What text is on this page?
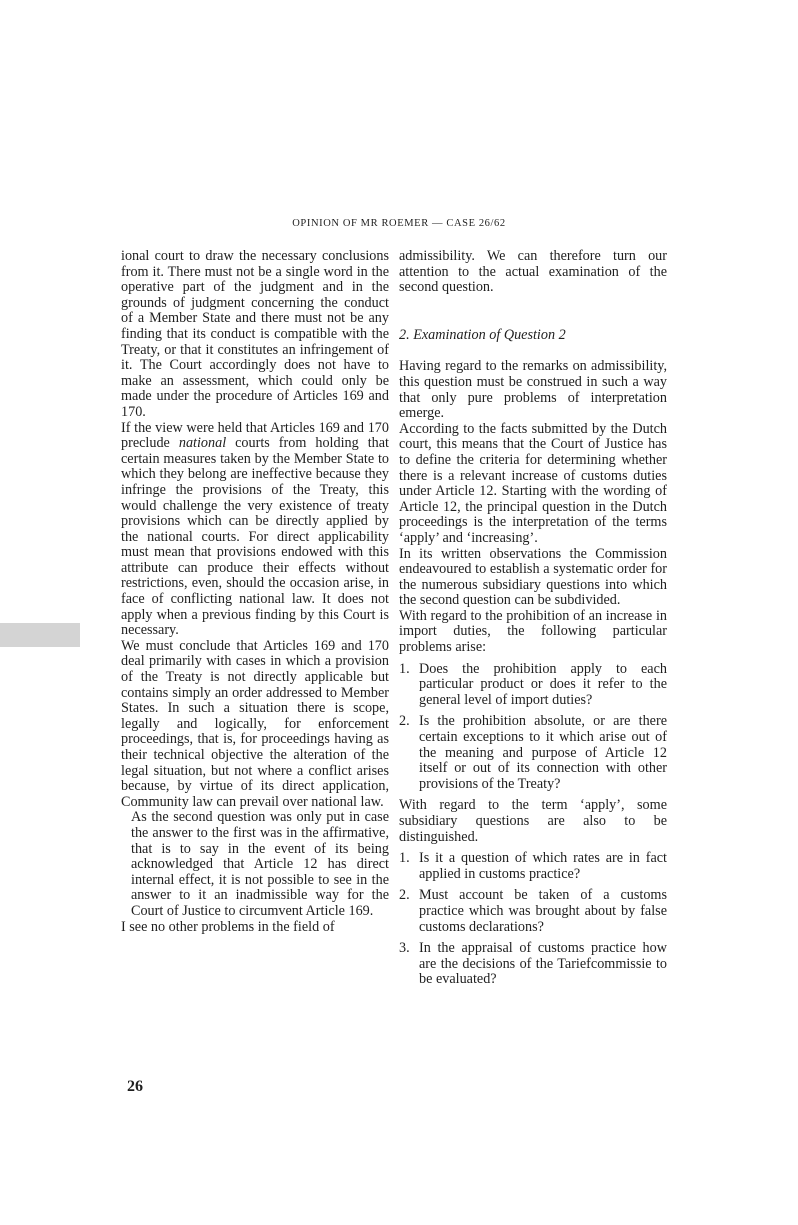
OPINION OF MR ROEMER — CASE 26/62

ional court to draw the necessary conclusions from it. There must not be a single word in the operative part of the judgment and in the grounds of judgment concerning the conduct of a Member State and there must not be any finding that its conduct is compatible with the Treaty, or that it constitutes an infringement of it. The Court accordingly does not have to make an assessment, which could only be made under the procedure of Articles 169 and 170.

If the view were held that Articles 169 and 170 preclude national courts from holding that certain measures taken by the Member State to which they belong are ineffective because they infringe the provisions of the Treaty, this would challenge the very existence of treaty provisions which can be directly applied by the national courts. For direct applicability must mean that provisions endowed with this attribute can produce their effects without restrictions, even, should the occasion arise, in face of conflicting national law. It does not apply when a previous finding by this Court is necessary.

We must conclude that Articles 169 and 170 deal primarily with cases in which a provision of the Treaty is not directly applicable but contains simply an order addressed to Member States. In such a situation there is scope, legally and logically, for enforcement proceedings, that is, for proceedings having as their technical objective the alteration of the legal situation, but not where a conflict arises because, by virtue of its direct application, Community law can prevail over national law.

As the second question was only put in case the answer to the first was in the affirmative, that is to say in the event of its being acknowledged that Article 12 has direct internal effect, it is not possible to see in the answer to it an inadmissible way for the Court of Justice to circumvent Article 169.

I see no other problems in the field of

admissibility. We can therefore turn our attention to the actual examination of the second question.

2. Examination of Question 2

Having regard to the remarks on admissibility, this question must be construed in such a way that only pure problems of interpretation emerge.

According to the facts submitted by the Dutch court, this means that the Court of Justice has to define the criteria for determining whether there is a relevant increase of customs duties under Article 12. Starting with the wording of Article 12, the principal question in the Dutch proceedings is the interpretation of the terms ‘apply’ and ‘increasing’.

In its written observations the Commission endeavoured to establish a systematic order for the numerous subsidiary questions into which the second question can be subdivided.

With regard to the prohibition of an increase in import duties, the following particular problems arise:

1. Does the prohibition apply to each particular product or does it refer to the general level of import duties?

2. Is the prohibition absolute, or are there certain exceptions to it which arise out of the meaning and purpose of Article 12 itself or out of its connection with other provisions of the Treaty?

With regard to the term ‘apply’, some subsidiary questions are also to be distinguished.

1. Is it a question of which rates are in fact applied in customs practice?

2. Must account be taken of a customs practice which was brought about by false customs declarations?

3. In the appraisal of customs practice how are the decisions of the Tariefcommissie to be evaluated?

26
